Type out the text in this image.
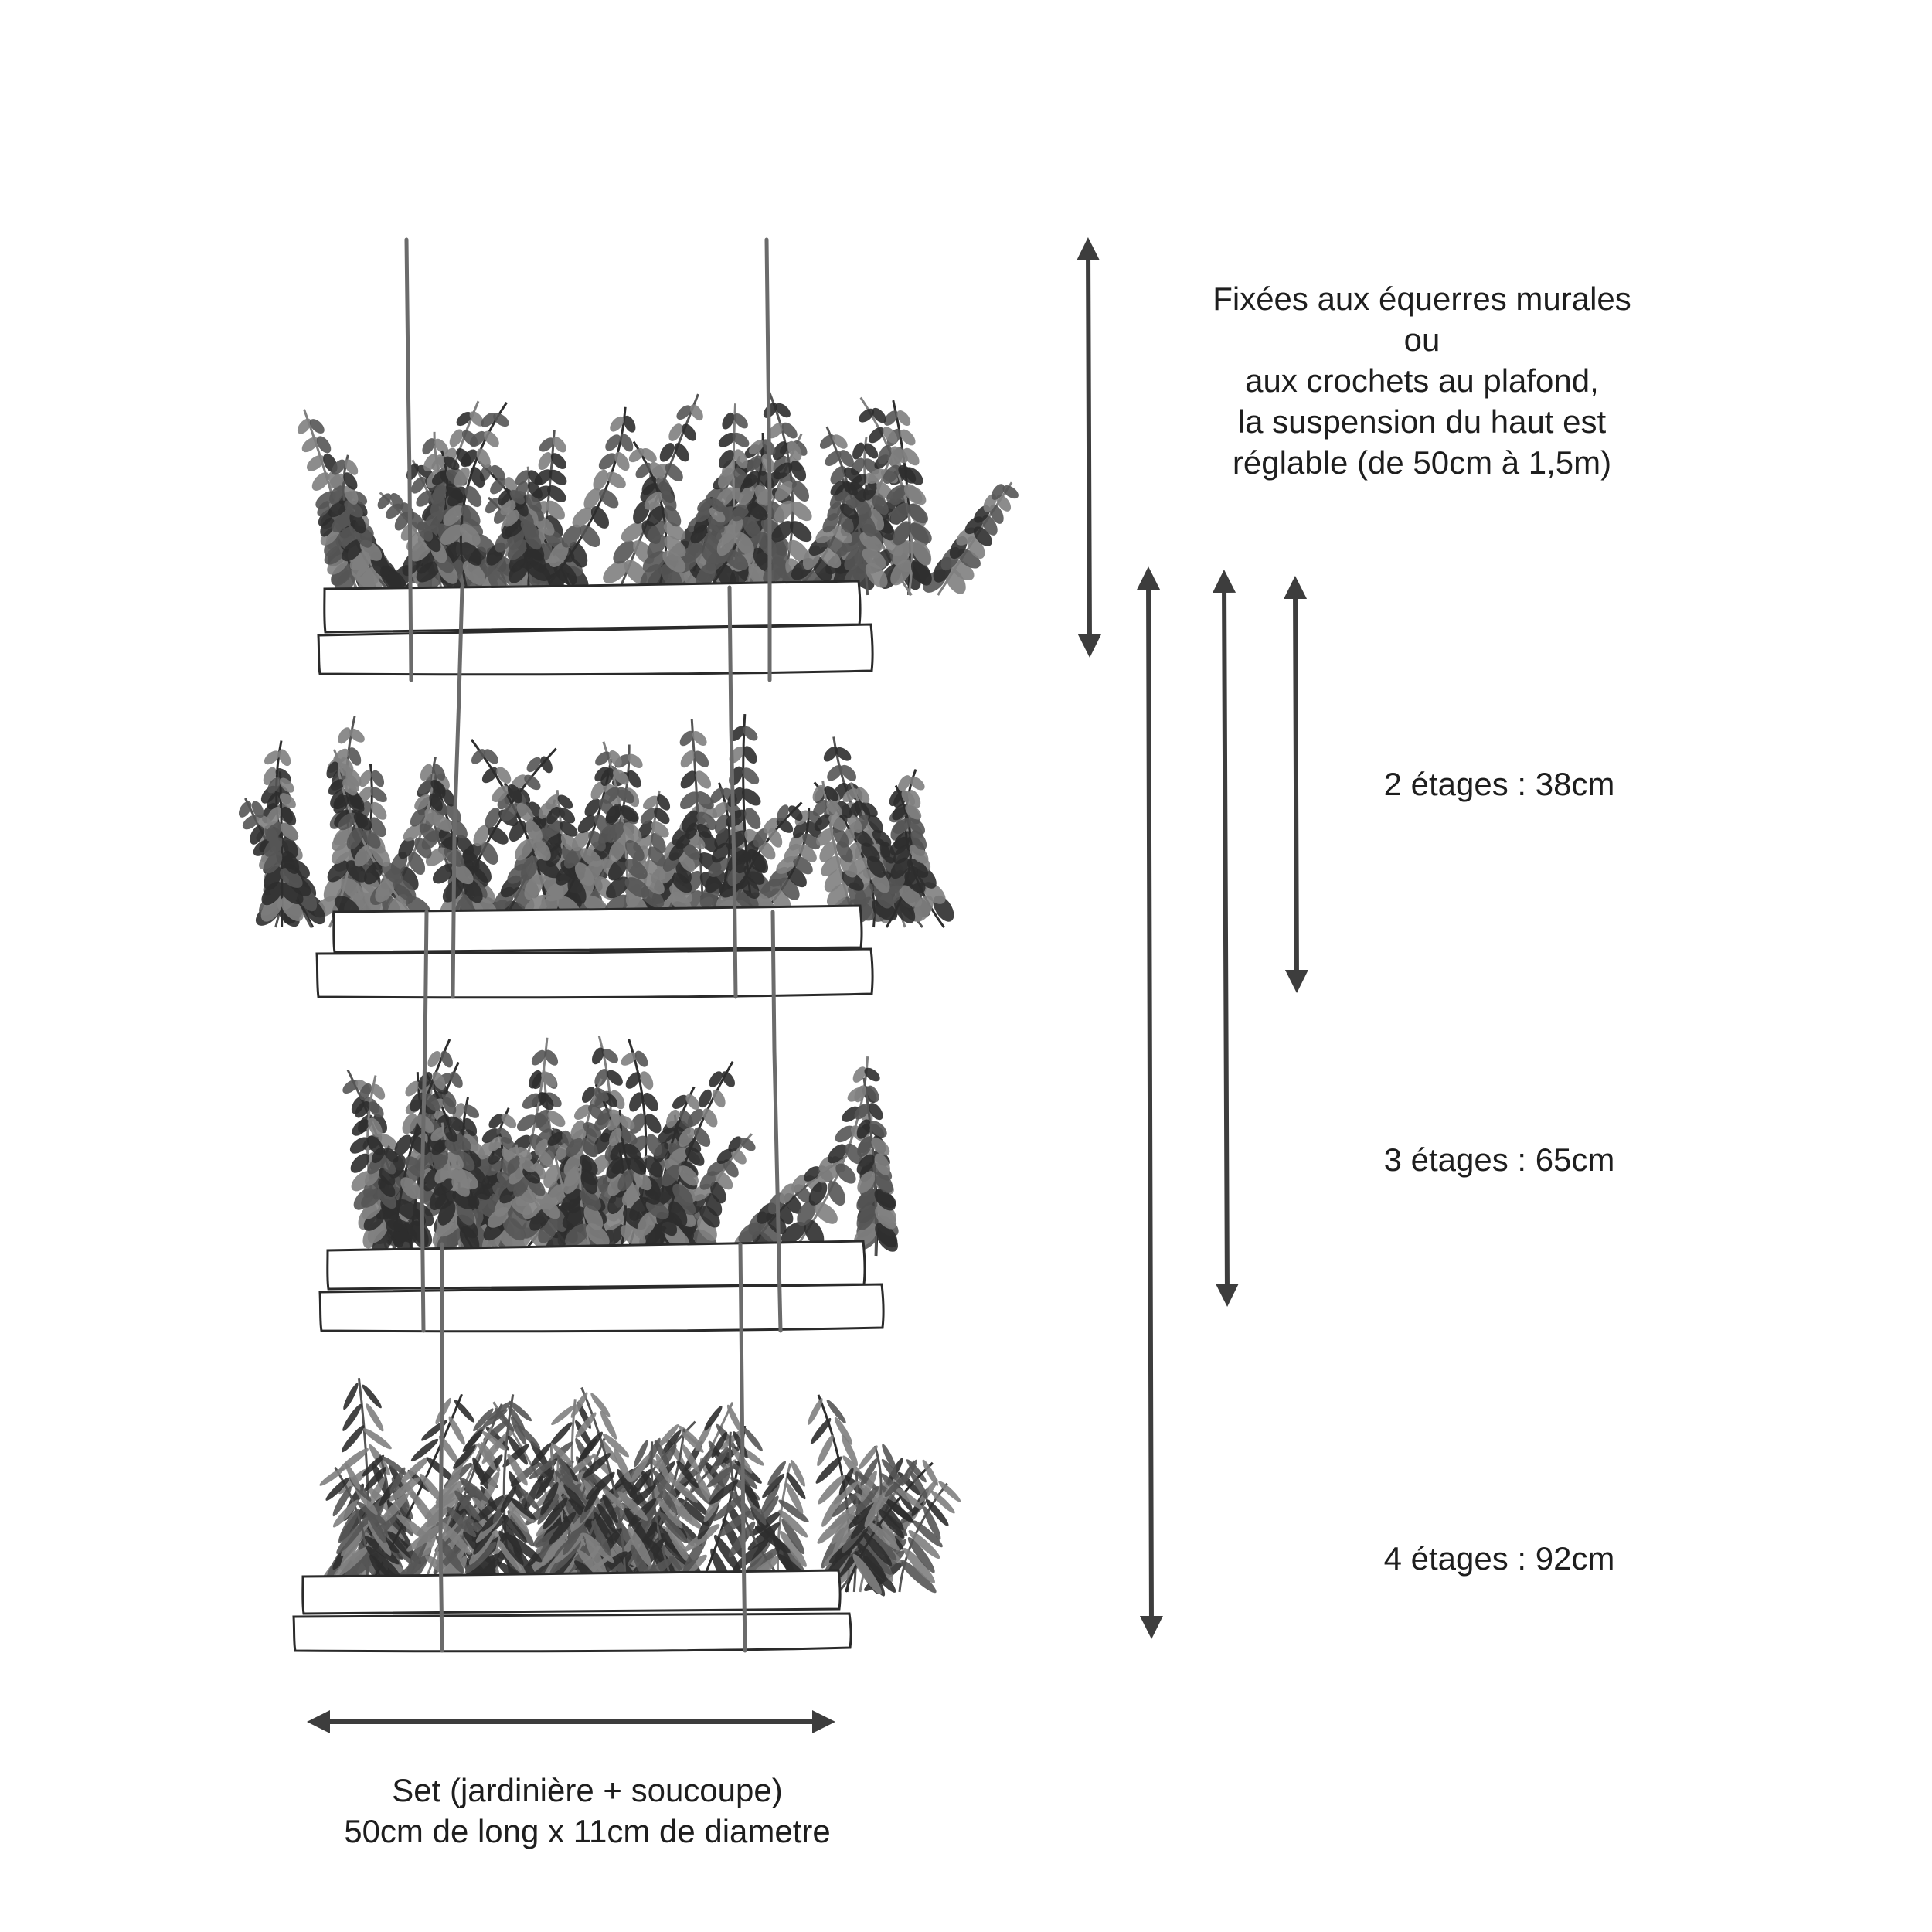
Fixées aux équerres murales
ou
aux crochets au plafond,
la suspension du haut est
réglable (de 50cm à 1,5m)
2 étages : 38cm
3 étages : 65cm
4 étages : 92cm
Set (jardinière + soucoupe)
50cm de long x 11cm de diametre
